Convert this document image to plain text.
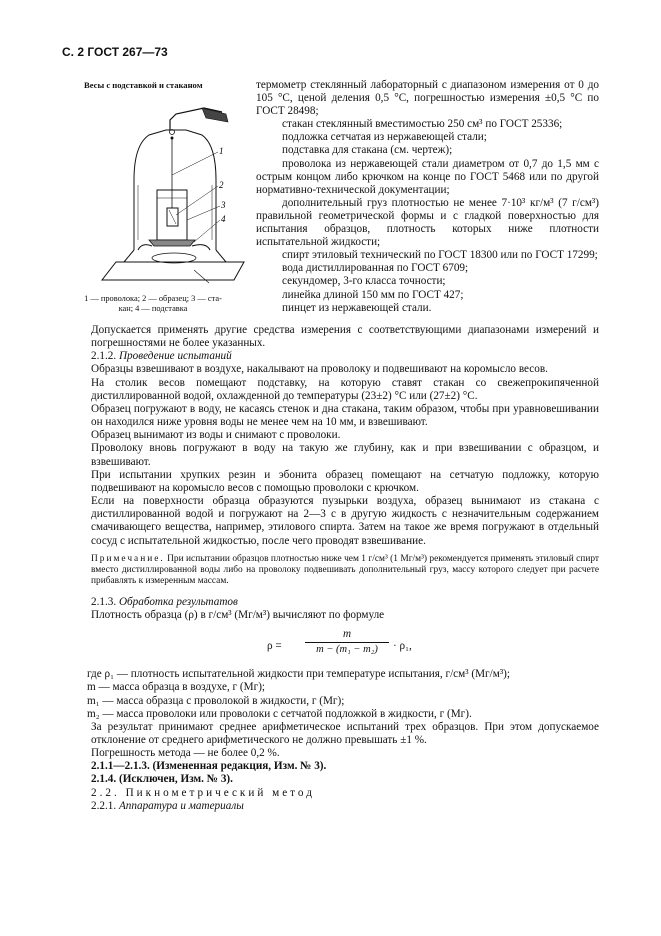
С. 2 ГОСТ 267—73
Весы с подставкой и стаканом
1
2
3
4
1 — проволока; 2 — образец; 3 — ста-
кан; 4 — подставка

термометр стеклянный лабораторный с диапазоном измерения от 0 до 105 °С, ценой деления 0,5 °С, погрешностью измерения ±0,5 °С по ГОСТ 28498;

стакан стеклянный вместимостью 250 см³ по ГОСТ 25336;

подложка сетчатая из нержавеющей стали;

подставка для стакана (см. чертеж);

проволока из нержавеющей стали диаметром от 0,7 до 1,5 мм с острым концом либо крючком на конце по ГОСТ 5468 или по другой нормативно-технической документации;

дополнительный груз плотностью не менее 7·10³ кг/м³ (7 г/см³) правильной геометрической формы и с гладкой поверхностью для испытания образцов, плотность которых ниже плотности испытательной жидкости;

спирт этиловый технический по ГОСТ 18300 или по ГОСТ 17299;

вода дистиллированная по ГОСТ 6709;

секундомер, 3-го класса точности;

линейка длиной 150 мм по ГОСТ 427;

пинцет из нержавеющей стали.

Допускается применять другие средства измерения с соответствующими диапазонами измерений и погрешностями не более указанных.

2.1.2. Проведение испытаний

Образцы взвешивают в воздухе, накалывают на проволоку и подвешивают на коромысло весов.

На столик весов помещают подставку, на которую ставят стакан со свежепрокипяченной дистиллированной водой, охлажденной до температуры (23±2) °С или (27±2) °С.

Образец погружают в воду, не касаясь стенок и дна стакана, таким образом, чтобы при уравновешивании он находился ниже уровня воды не менее чем на 10 мм, и взвешивают.

Образец вынимают из воды и снимают с проволоки.

Проволоку вновь погружают в воду на такую же глубину, как и при взвешивании с образцом, и взвешивают.

При испытании хрупких резин и эбонита образец помещают на сетчатую подложку, которую подвешивают на коромысло весов с помощью проволоки с крючком.

Если на поверхности образца образуются пузырьки воздуха, образец вынимают из стакана с дистиллированной водой и погружают на 2—3 с в другую жидкость с незначительным содержанием смачивающего вещества, например, этилового спирта. Затем на такое же время погружают в отдельный сосуд с испытательной жидкостью, после чего проводят взвешивание.

Примечание. При испытании образцов плотностью ниже чем 1 г/см³ (1 Мг/м³) рекомендуется применять этиловый спирт вместо дистиллированной воды либо на проволоку подвешивать дополнительный груз, массу которого следует при расчете прибавлять к измеренным массам.

2.1.3. Обработка результатов

Плотность образца (ρ) в г/см³ (Мг/м³) вычисляют по формуле

$\rho = \frac{m}{\text{m − (m₁ − m₂)}} \cdot \rho_1$,

где ρ₁ — плотность испытательной жидкости при температуре испытания, г/см³ (Мг/м³);

m — масса образца в воздухе, г (Мг);

m₁ — масса образца с проволокой в жидкости, г (Мг);

m₂ — масса проволоки или проволоки с сетчатой подложкой в жидкости, г (Мг).

За результат принимают среднее арифметическое испытаний трех образцов. При этом допускаемое отклонение от среднего арифметического не должно превышать ±1 %.

Погрешность метода — не более 0,2 %.

2.1.1—2.1.3. (Измененная редакция, Изм. № 3).

2.1.4. (Исключен, Изм. № 3).

2.2. Пикнометрический метод

2.2.1. Аппаратура и материалы
